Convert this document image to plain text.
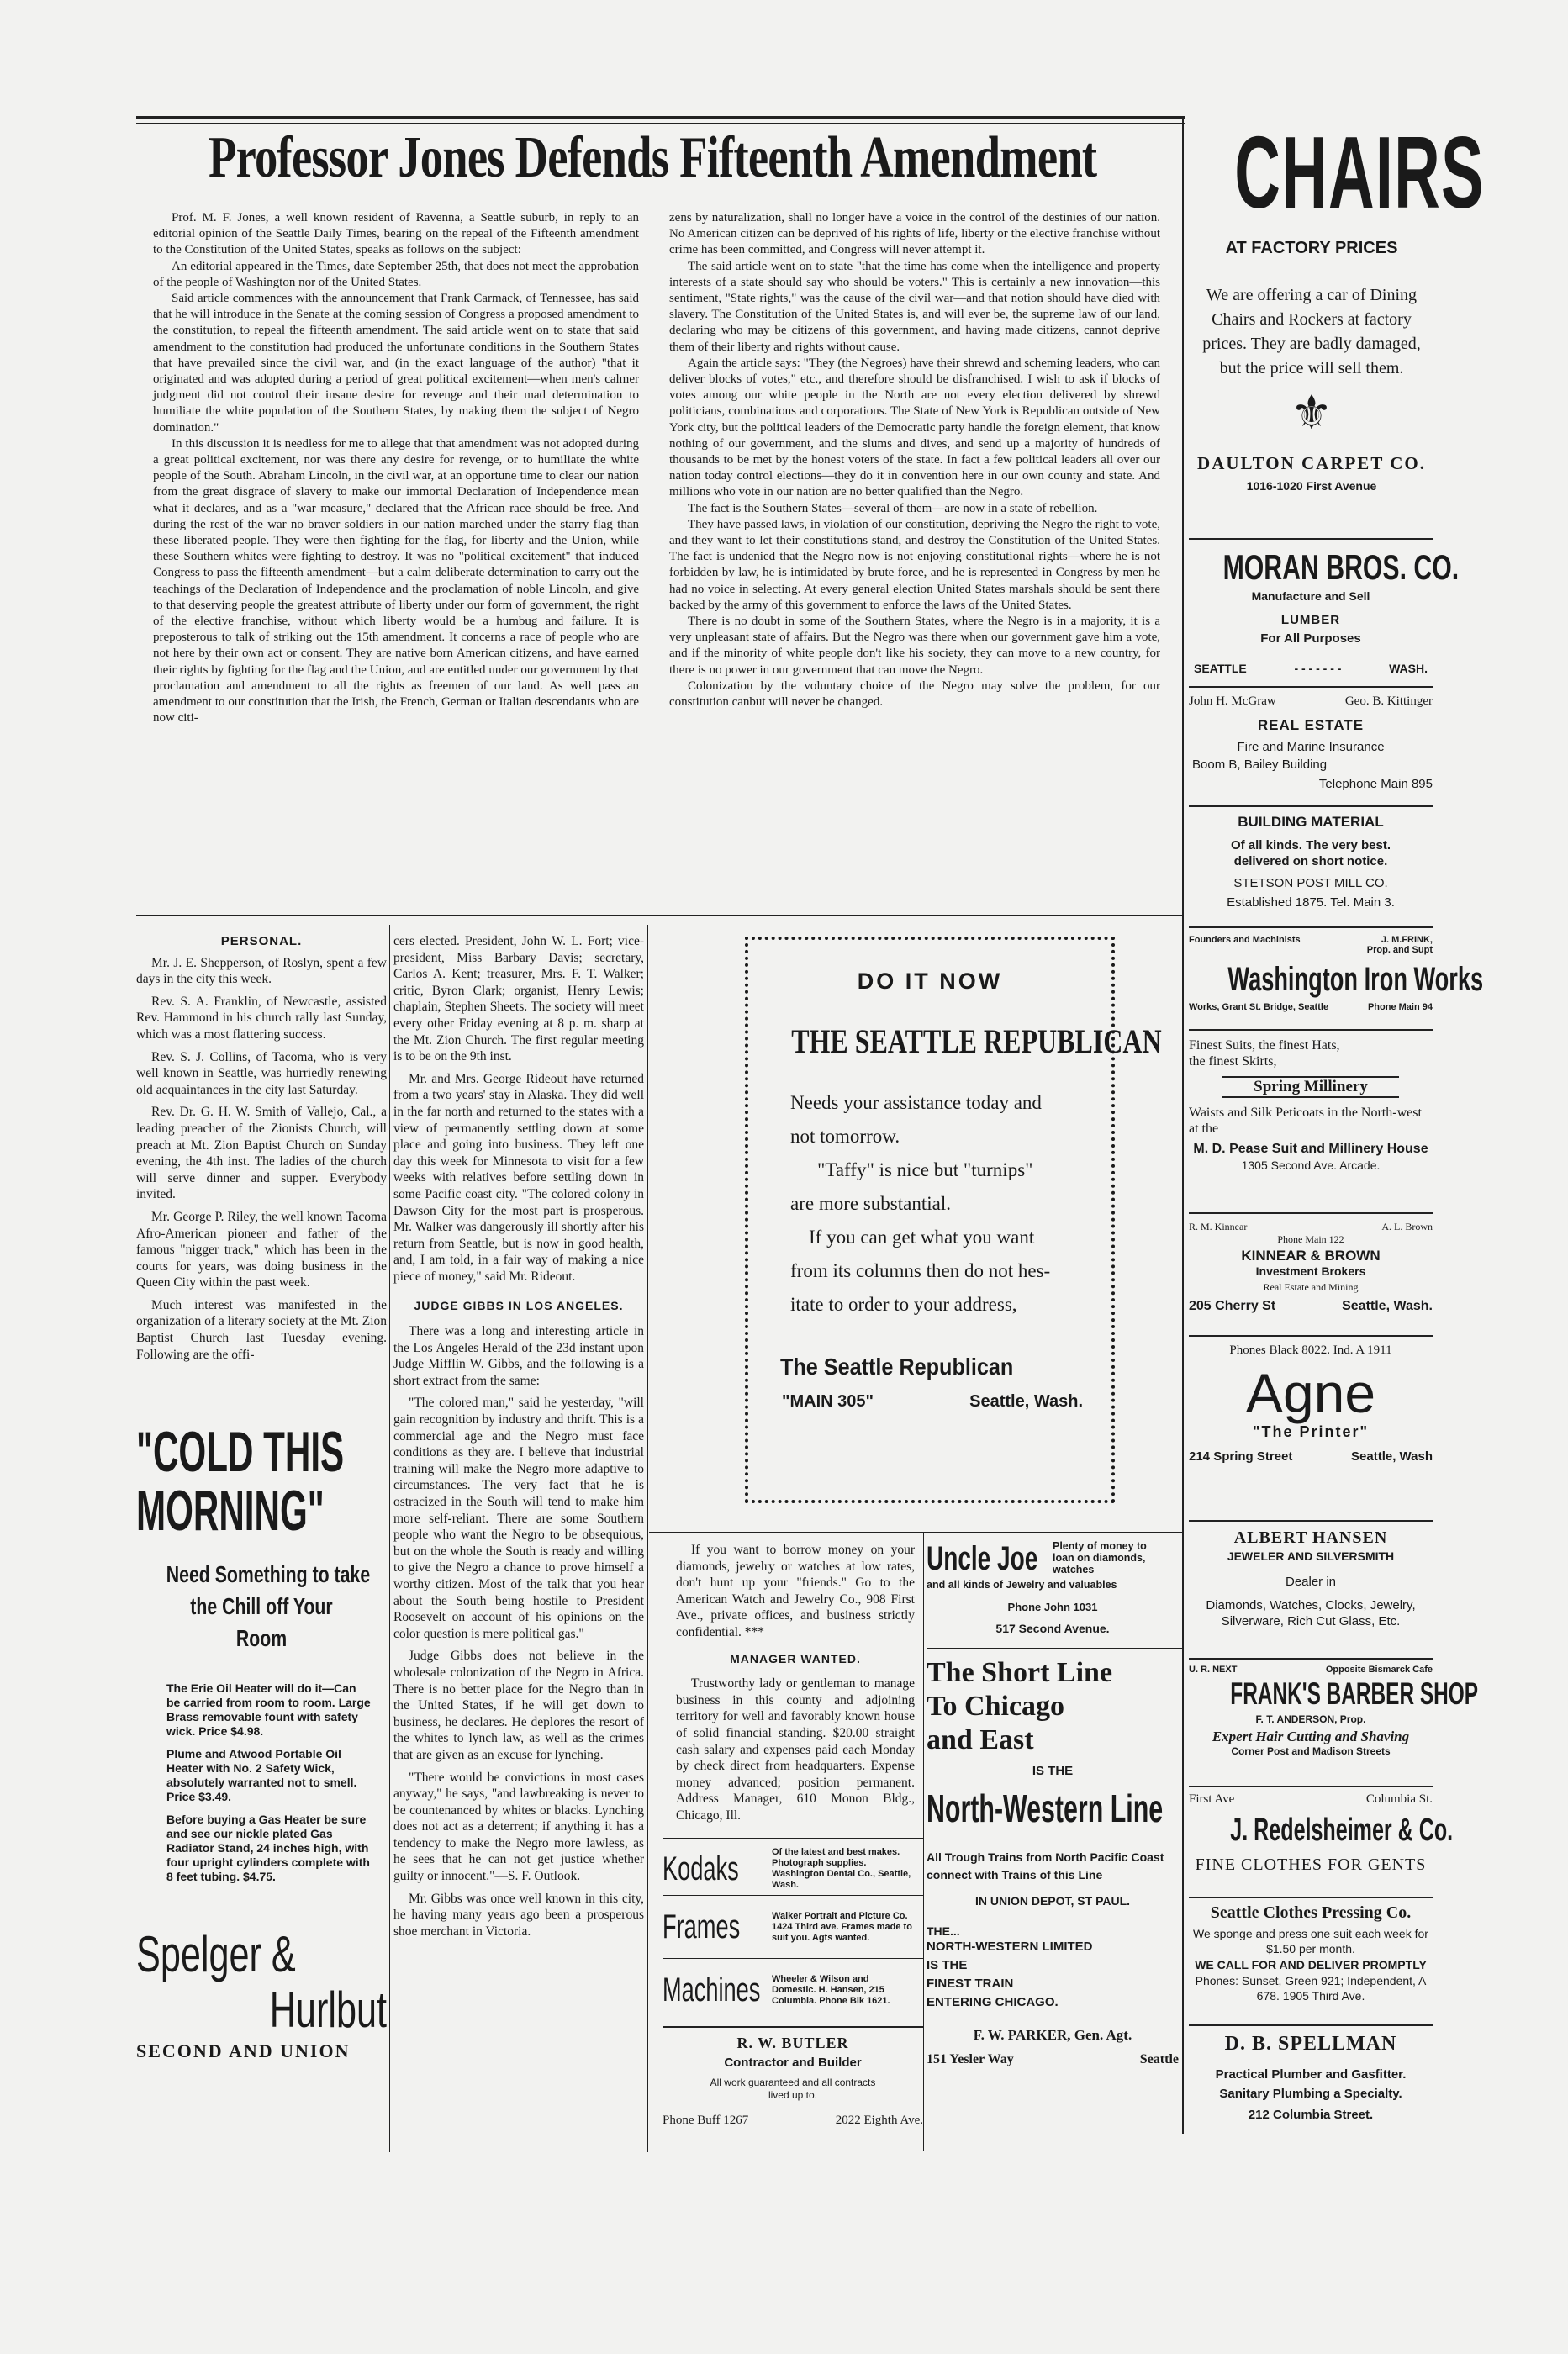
Professor Jones Defends Fifteenth Amendment

Prof. M. F. Jones, a well known resident of Ravenna, a Seattle suburb, in reply to an editorial opinion of the Seattle Daily Times, bearing on the repeal of the Fifteenth amendment to the Constitution of the United States, speaks as follows on the subject:

An editorial appeared in the Times, date September 25th, that does not meet the approbation of the people of Washington nor of the United States.

Said article commences with the announcement that Frank Carmack, of Tennessee, has said that he will introduce in the Senate at the coming session of Congress a proposed amendment to the constitution, to repeal the fifteenth amendment. The said article went on to state that said amendment to the constitution had produced the unfortunate conditions in the Southern States that have prevailed since the civil war, and (in the exact language of the author) "that it originated and was adopted during a period of great political excitement—when men's calmer judgment did not control their insane desire for revenge and their mad determination to humiliate the white population of the Southern States, by making them the subject of Negro domination."

In this discussion it is needless for me to allege that that amendment was not adopted during a great political excitement, nor was there any desire for revenge, or to humiliate the white people of the South. Abraham Lincoln, in the civil war, at an opportune time to clear our nation from the great disgrace of slavery to make our immortal Declaration of Independence mean what it declares, and as a "war measure," declared that the African race should be free. And during the rest of the war no braver soldiers in our nation marched under the starry flag than these liberated people. They were then fighting for the flag, for liberty and the Union, while these Southern whites were fighting to destroy. It was no "political excitement" that induced Congress to pass the fifteenth amendment—but a calm deliberate determination to carry out the teachings of the Declaration of Independence and the proclamation of noble Lincoln, and give to that deserving people the greatest attribute of liberty under our form of government, the right of the elective franchise, without which liberty would be a humbug and failure. It is preposterous to talk of striking out the 15th amendment. It concerns a race of people who are not here by their own act or consent. They are native born American citizens, and have earned their rights by fighting for the flag and the Union, and are entitled under our government by that proclamation and amendment to all the rights as freemen of our land. As well pass an amendment to our constitution that the Irish, the French, German or Italian descendants who are now citi-

zens by naturalization, shall no longer have a voice in the control of the destinies of our nation. No American citizen can be deprived of his rights of life, liberty or the elective franchise without crime has been committed, and Congress will never attempt it.

The said article went on to state "that the time has come when the intelligence and property interests of a state should say who should be voters." This is certainly a new innovation—this sentiment, "State rights," was the cause of the civil war—and that notion should have died with slavery. The Constitution of the United States is, and will ever be, the supreme law of our land, declaring who may be citizens of this government, and having made citizens, cannot deprive them of their liberty and rights without cause.

Again the article says: "They (the Negroes) have their shrewd and scheming leaders, who can deliver blocks of votes," etc., and therefore should be disfranchised. I wish to ask if blocks of votes among our white people in the North are not every election delivered by shrewd politicians, combinations and corporations. The State of New York is Republican outside of New York city, but the political leaders of the Democratic party handle the foreign element, that know nothing of our government, and the slums and dives, and send up a majority of hundreds of thousands to be met by the honest voters of the state. In fact a few political leaders all over our nation today control elections—they do it in convention here in our own county and state. And millions who vote in our nation are no better qualified than the Negro.

The fact is the Southern States—several of them—are now in a state of rebellion.

They have passed laws, in violation of our constitution, depriving the Negro the right to vote, and they want to let their constitutions stand, and destroy the Constitution of the United States. The fact is undenied that the Negro now is not enjoying constitutional rights—where he is not forbidden by law, he is intimidated by brute force, and he is represented in Congress by men he had no voice in selecting. At every general election United States marshals should be sent there backed by the army of this government to enforce the laws of the United States.

There is no doubt in some of the Southern States, where the Negro is in a majority, it is a very unpleasant state of affairs. But the Negro was there when our government gave him a vote, and if the minority of white people don't like his society, they can move to a new country, for there is no power in our government that can move the Negro.

Colonization by the voluntary choice of the Negro may solve the problem, for our constitution canbut will never be changed.

CHAIRS
AT FACTORY PRICES
We are offering a car of Dining Chairs and Rockers at factory prices. They are badly damaged, but the price will sell them.
⚜
DAULTON CARPET CO.
1016-1020 First Avenue
MORAN BROS. CO.
Manufacture and Sell
LUMBER
For All Purposes
SEATTLE	- - - - - - -	WASH.
John H. McGraw	Geo. B. Kittinger
REAL ESTATE
Fire and Marine Insurance
Boom B, Bailey Building
Telephone Main 895
BUILDING MATERIAL
Of all kinds. The very best.
delivered on short notice.
STETSON POST MILL CO.
Established 1875. Tel. Main 3.
Founders and Machinists	J. M.FRINK,
Prop. and Supt
Washington Iron Works
Works, Grant St. Bridge, Seattle	Phone Main 94
Finest Suits, the finest Hats,
the finest Skirts,
Spring Millinery
Waists and Silk Peticoats in the North-west at the
M. D. Pease Suit and Millinery House
1305 Second Ave. Arcade.
R. M. Kinnear	A. L. Brown
Phone Main 122
KINNEAR & BROWN
Investment Brokers
Real Estate and Mining
205 Cherry St	Seattle, Wash.
Phones Black 8022. Ind. A 1911
Agne
"The Printer"
214 Spring Street	Seattle, Wash
ALBERT HANSEN
JEWELER AND SILVERSMITH
Dealer in
Diamonds, Watches, Clocks, Jewelry, Silverware, Rich Cut Glass, Etc.
U. R. NEXT	Opposite Bismarck Cafe
FRANK'S BARBER SHOP
F. T. ANDERSON, Prop.
Expert Hair Cutting and Shaving
Corner Post and Madison Streets
First Ave	Columbia St.
J. Redelsheimer & Co.
FINE CLOTHES FOR GENTS
Seattle Clothes Pressing Co.
We sponge and press one suit each week for $1.50 per month.
WE CALL FOR AND DELIVER PROMPTLY
Phones: Sunset, Green 921; Independent, A 678. 1905 Third Ave.
D. B. SPELLMAN
Practical Plumber and Gasfitter.
Sanitary Plumbing a Specialty.
212 Columbia Street.
PERSONAL.

Mr. J. E. Shepperson, of Roslyn, spent a few days in the city this week.

Rev. S. A. Franklin, of Newcastle, assisted Rev. Hammond in his church rally last Sunday, which was a most flattering success.

Rev. S. J. Collins, of Tacoma, who is very well known in Seattle, was hurriedly renewing old acquaintances in the city last Saturday.

Rev. Dr. G. H. W. Smith of Vallejo, Cal., a leading preacher of the Zionists Church, will preach at Mt. Zion Baptist Church on Sunday evening, the 4th inst. The ladies of the church will serve dinner and supper. Everybody invited.

Mr. George P. Riley, the well known Tacoma Afro-American pioneer and father of the famous "nigger track," which has been in the courts for years, was doing business in the Queen City within the past week.

Much interest was manifested in the organization of a literary society at the Mt. Zion Baptist Church last Tuesday evening. Following are the offi-

"COLD THIS
MORNING"
Need Something to take
the Chill off Your
Room
The Erie Oil Heater will do it—Can be carried from room to room. Large Brass removable fount with safety wick. Price $4.98.
Plume and Atwood Portable Oil Heater with No. 2 Safety Wick, absolutely warranted not to smell. Price $3.49.
Before buying a Gas Heater be sure and see our nickle plated Gas Radiator Stand, 24 inches high, with four upright cylinders complete with 8 feet tubing. $4.75.
Spelger &
Hurlbut
SECOND AND UNION

cers elected. President, John W. L. Fort; vice-president, Miss Barbary Davis; secretary, Carlos A. Kent; treasurer, Mrs. F. T. Walker; critic, Byron Clark; organist, Henry Lewis; chaplain, Stephen Sheets. The society will meet every other Friday evening at 8 p. m. sharp at the Mt. Zion Church. The first regular meeting is to be on the 9th inst.

Mr. and Mrs. George Rideout have returned from a two years' stay in Alaska. They did well in the far north and returned to the states with a view of permanently settling down at some place and going into business. They left one day this week for Minnesota to visit for a few weeks with relatives before settling down in some Pacific coast city. "The colored colony in Dawson City for the most part is prosperous. Mr. Walker was dangerously ill shortly after his return from Seattle, but is now in good health, and, I am told, in a fair way of making a nice piece of money," said Mr. Rideout.

JUDGE GIBBS IN LOS ANGELES.

There was a long and interesting article in the Los Angeles Herald of the 23d instant upon Judge Mifflin W. Gibbs, and the following is a short extract from the same:

"The colored man," said he yesterday, "will gain recognition by industry and thrift. This is a commercial age and the Negro must face conditions as they are. I believe that industrial training will make the Negro more adaptive to circumstances. The very fact that he is ostracized in the South will tend to make him more self-reliant. There are some Southern people who want the Negro to be obsequious, but on the whole the South is ready and willing to give the Negro a chance to prove himself a worthy citizen. Most of the talk that you hear about the South being hostile to President Roosevelt on account of his opinions on the color question is mere political gas."

Judge Gibbs does not believe in the wholesale colonization of the Negro in Africa. There is no better place for the Negro than in the United States, if he will get down to business, he declares. He deplores the resort of the whites to lynch law, as well as the crimes that are given as an excuse for lynching.

"There would be convictions in most cases anyway," he says, "and lawbreaking is never to be countenanced by whites or blacks. Lynching does not act as a deterrent; if anything it has a tendency to make the Negro more lawless, as he sees that he can not get justice whether guilty or innocent."—S. F. Outlook.

Mr. Gibbs was once well known in this city, he having many years ago been a prosperous shoe merchant in Victoria.

DO IT NOW
THE SEATTLE REPUBLICAN
Needs your assistance today and
not tomorrow.
"Taffy" is nice but "turnips"
are more substantial.
If you can get what you want
from its columns then do not hes-
itate to order to your address,
The Seattle Republican
"MAIN 305"	Seattle, Wash.

If you want to borrow money on your diamonds, jewelry or watches at low rates, don't hunt up your "friends." Go to the American Watch and Jewelry Co., 908 First Ave., private offices, and business strictly confidential. ***

MANAGER WANTED.

Trustworthy lady or gentleman to manage business in this county and adjoining territory for well and favorably known house of solid financial standing. $20.00 straight cash salary and expenses paid each Monday by check direct from headquarters. Expense money advanced; position permanent. Address Manager, 610 Monon Bldg., Chicago, Ill.

Kodaks	Of the latest and best makes. Photograph supplies. Washington Dental Co., Seattle, Wash.
Frames	Walker Portrait and Picture Co. 1424 Third ave. Frames made to suit you. Agts wanted.
Machines Wheeler & Wilson and Domestic. H. Hansen, 215 Columbia. Phone Blk 1621.
R. W. BUTLER
Contractor and Builder
All work guaranteed and all contracts lived up to.
Phone Buff 1267	2022 Eighth Ave.
Uncle Joe Plenty of money to loan on diamonds, watches
and all kinds of Jewelry and valuables
Phone John 1031
517 Second Avenue.
The Short Line
To Chicago
and East
IS THE
North-Western Line
All Trough Trains from North Pacific Coast connect with Trains of this Line
IN UNION DEPOT, ST PAUL.
THE...
NORTH-WESTERN LIMITED
IS THE
FINEST TRAIN
ENTERING CHICAGO.
F. W. PARKER, Gen. Agt.
151 Yesler Way	Seattle
